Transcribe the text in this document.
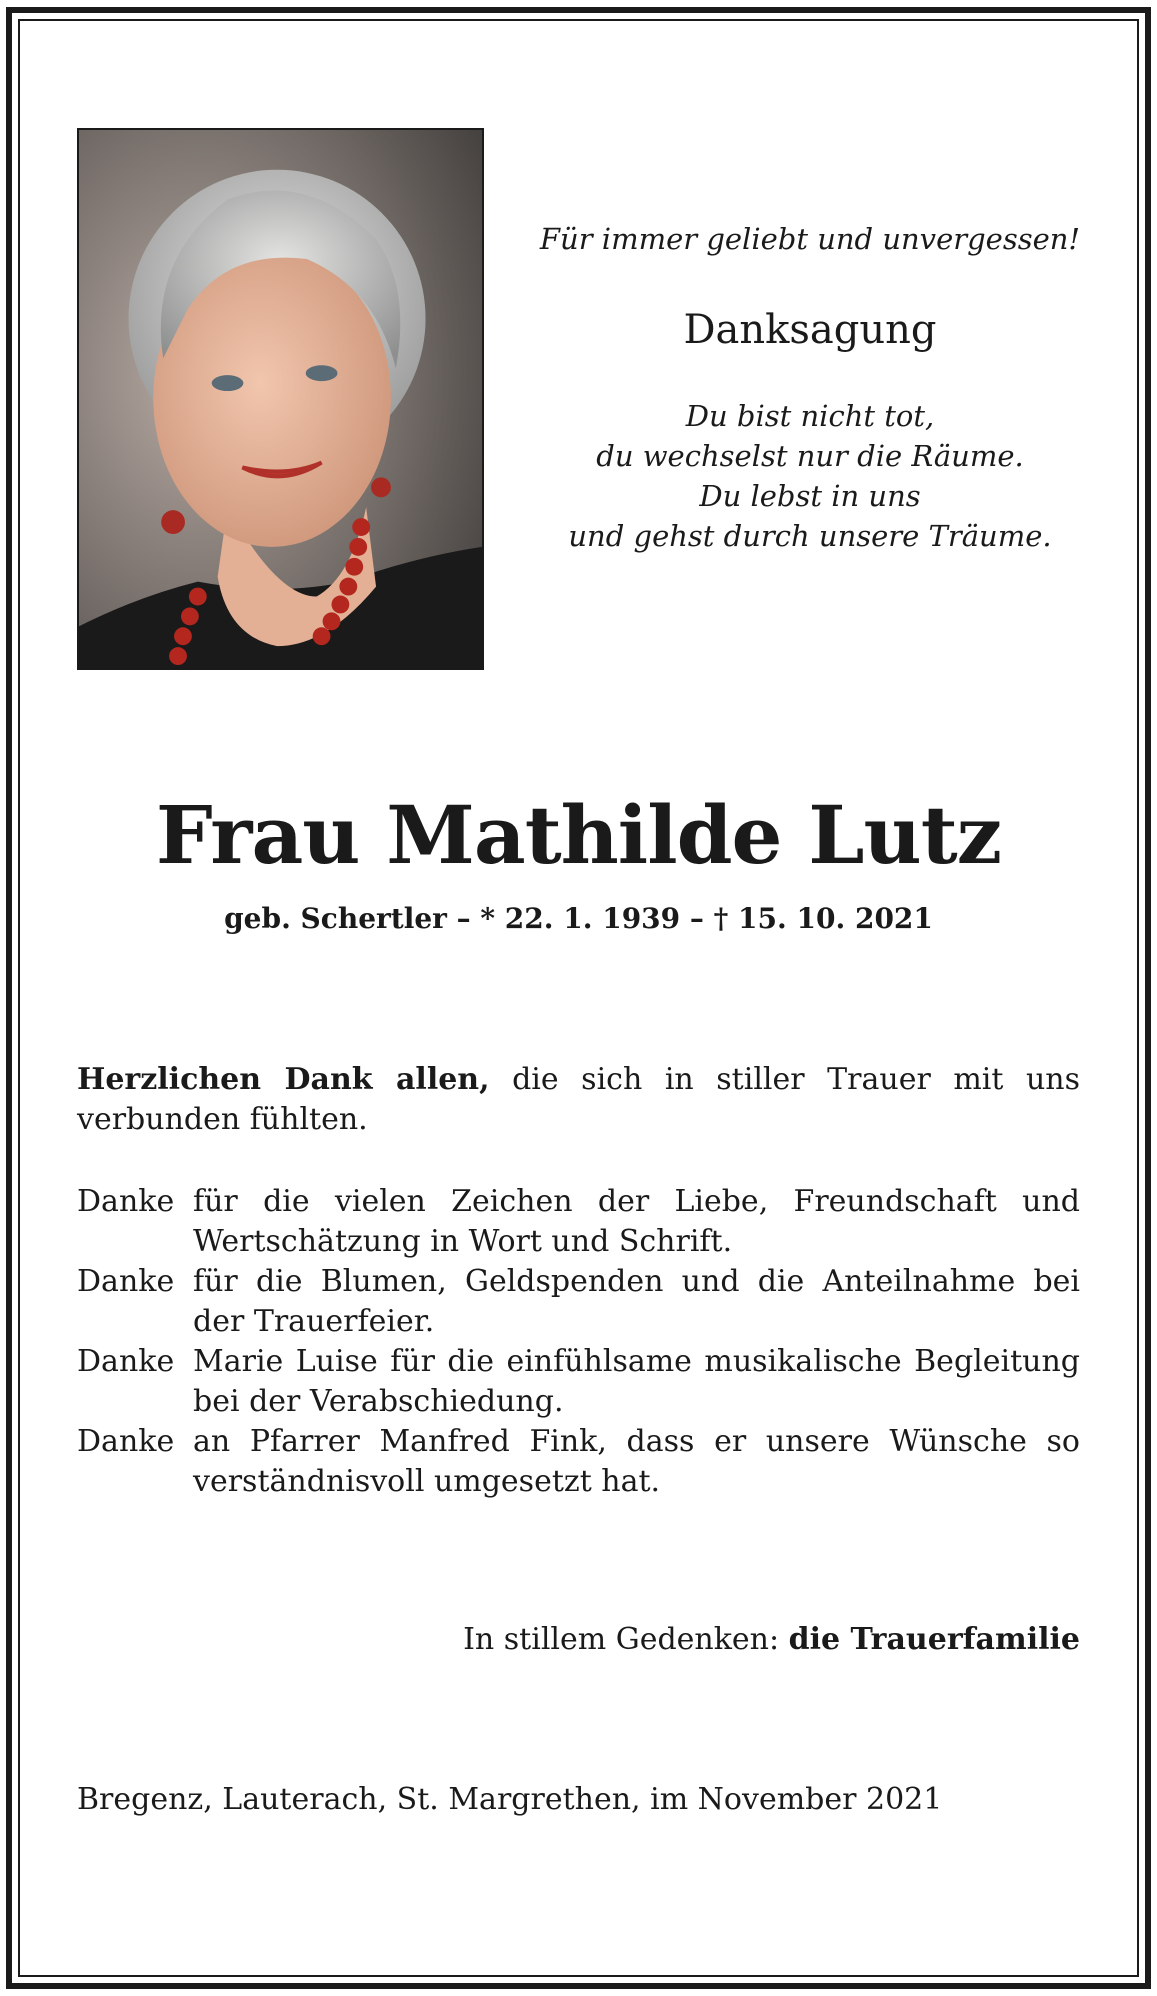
Für immer geliebt und unvergessen!
Danksagung
Du bist nicht tot,
du wechselst nur die Räume.
Du lebst in uns
und gehst durch unsere Träume.
Frau Mathilde Lutz
geb. Schertler – * 22. 1. 1939 – † 15. 10. 2021
Herzlichen Dank allen, die sich in stiller Trauer mit uns verbunden fühlten.
Danke für die vielen Zeichen der Liebe, Freundschaft und Wertschätzung in Wort und Schrift.
Danke für die Blumen, Geldspenden und die Anteilnahme bei der Trauerfeier.
Danke Marie Luise für die einfühlsame musikalische Begleitung bei der Verabschiedung.
Danke an Pfarrer Manfred Fink, dass er unsere Wünsche so verständnisvoll umgesetzt hat.
In stillem Gedenken: die Trauerfamilie
Bregenz, Lauterach, St. Margrethen, im November 2021
